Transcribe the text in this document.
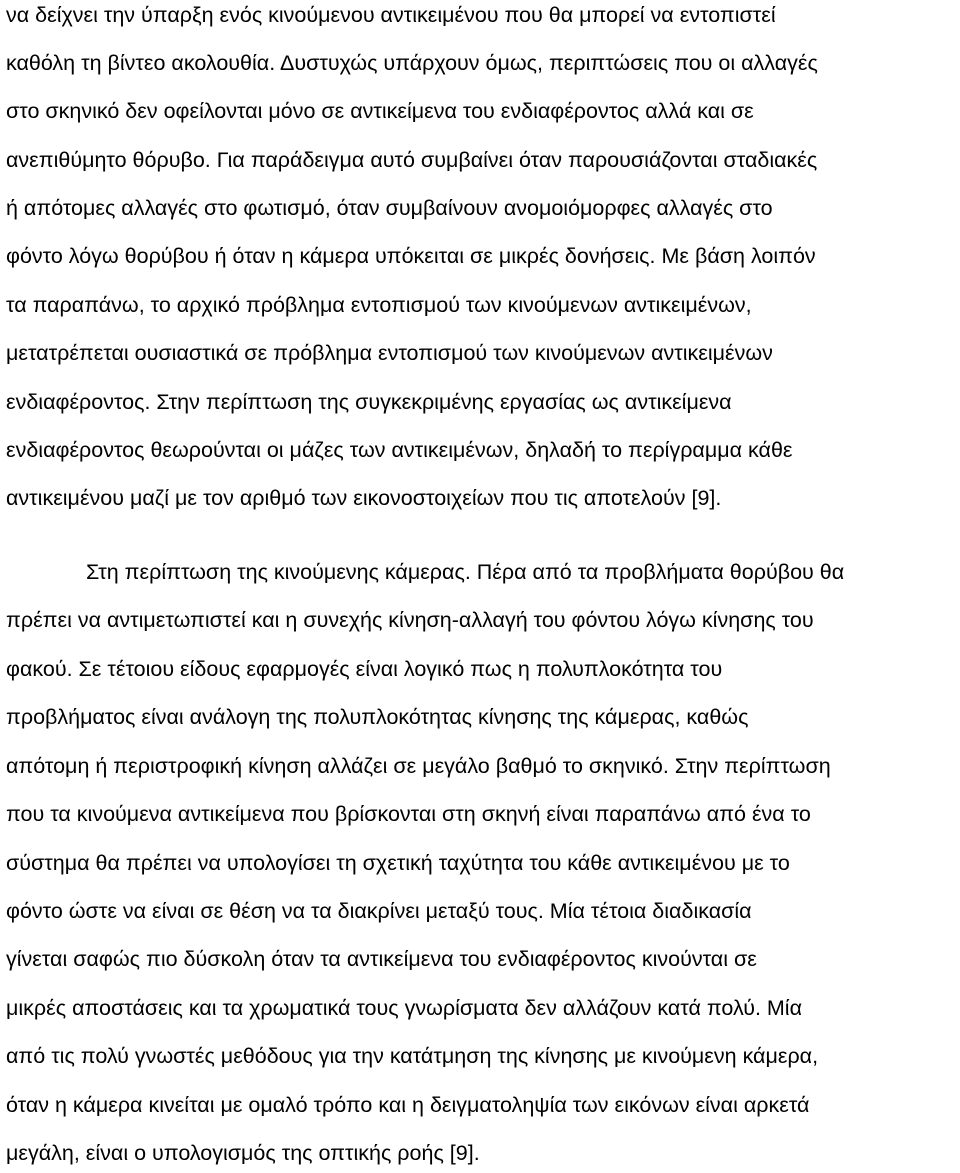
να δείχνει την ύπαρξη ενός κινούμενου αντικειμένου που θα μπορεί να εντοπιστεί
καθόλη τη βίντεο ακολουθία. Δυστυχώς υπάρχουν όμως, περιπτώσεις που οι αλλαγές
στο σκηνικό δεν οφείλονται μόνο σε αντικείμενα του ενδιαφέροντος αλλά και σε
ανεπιθύμητο θόρυβο. Για παράδειγμα αυτό συμβαίνει όταν παρουσιάζονται σταδιακές
ή απότομες αλλαγές στο φωτισμό, όταν συμβαίνουν ανομοιόμορφες αλλαγές στο
φόντο λόγω θορύβου ή όταν η κάμερα υπόκειται σε μικρές δονήσεις. Με βάση λοιπόν
τα παραπάνω, το αρχικό πρόβλημα εντοπισμού των κινούμενων αντικειμένων,
μετατρέπεται ουσιαστικά σε πρόβλημα εντοπισμού των κινούμενων αντικειμένων
ενδιαφέροντος. Στην περίπτωση της συγκεκριμένης εργασίας ως αντικείμενα
ενδιαφέροντος θεωρούνται οι μάζες των αντικειμένων, δηλαδή το περίγραμμα κάθε
αντικειμένου μαζί με τον αριθμό των εικονοστοιχείων που τις αποτελούν [9].
Στη περίπτωση της κινούμενης κάμερας. Πέρα από τα προβλήματα θορύβου θα
πρέπει να αντιμετωπιστεί και η συνεχής κίνηση-αλλαγή του φόντου λόγω κίνησης του
φακού. Σε τέτοιου είδους εφαρμογές είναι λογικό πως η πολυπλοκότητα του
προβλήματος είναι ανάλογη της πολυπλοκότητας κίνησης της κάμερας, καθώς
απότομη ή περιστροφική κίνηση αλλάζει σε μεγάλο βαθμό το σκηνικό. Στην περίπτωση
που τα κινούμενα αντικείμενα που βρίσκονται στη σκηνή είναι παραπάνω από ένα το
σύστημα θα πρέπει να υπολογίσει τη σχετική ταχύτητα του κάθε αντικειμένου με το
φόντο ώστε να είναι σε θέση να τα διακρίνει μεταξύ τους. Μία τέτοια διαδικασία
γίνεται σαφώς πιο δύσκολη όταν τα αντικείμενα του ενδιαφέροντος κινούνται σε
μικρές αποστάσεις και τα χρωματικά τους γνωρίσματα δεν αλλάζουν κατά πολύ. Μία
από τις πολύ γνωστές μεθόδους για την κατάτμηση της κίνησης με κινούμενη κάμερα,
όταν η κάμερα κινείται με ομαλό τρόπο και η δειγματοληψία των εικόνων είναι αρκετά
μεγάλη, είναι ο υπολογισμός της οπτικής ροής [9].
